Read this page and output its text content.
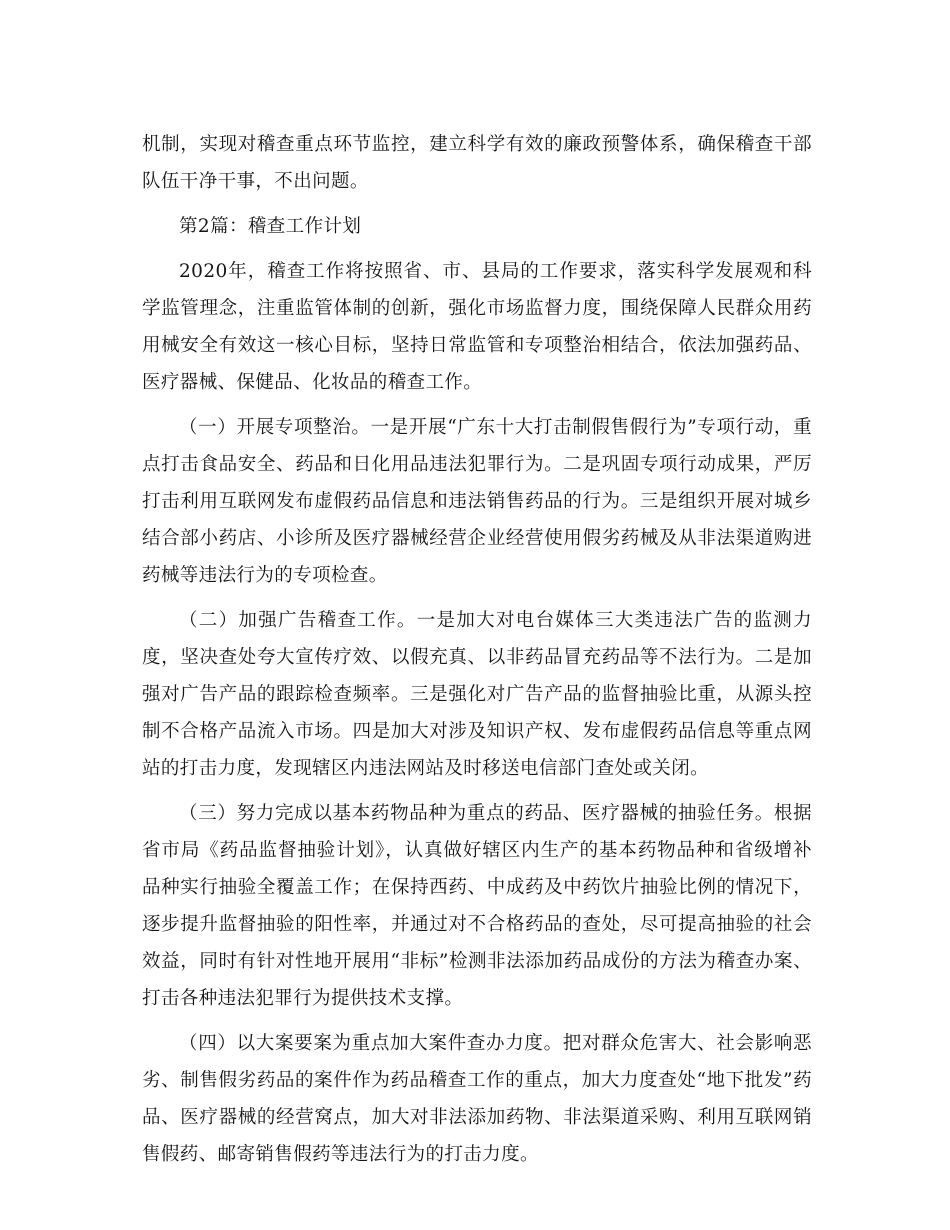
机制，实现对稽查重点环节监控，建立科学有效的廉政预警体系，确保稽查干部队伍干净干事，不出问题。

第2篇：稽查工作计划

2020年，稽查工作将按照省、市、县局的工作要求，落实科学发展观和科学监管理念，注重监管体制的创新，强化市场监督力度，围绕保障人民群众用药用械安全有效这一核心目标，坚持日常监管和专项整治相结合，依法加强药品、医疗器械、保健品、化妆品的稽查工作。

（一）开展专项整治。一是开展“广东十大打击制假售假行为”专项行动，重点打击食品安全、药品和日化用品违法犯罪行为。二是巩固专项行动成果，严厉打击利用互联网发布虚假药品信息和违法销售药品的行为。三是组织开展对城乡结合部小药店、小诊所及医疗器械经营企业经营使用假劣药械及从非法渠道购进药械等违法行为的专项检查。

（二）加强广告稽查工作。一是加大对电台媒体三大类违法广告的监测力度，坚决查处夸大宣传疗效、以假充真、以非药品冒充药品等不法行为。二是加强对广告产品的跟踪检查频率。三是强化对广告产品的监督抽验比重，从源头控制不合格产品流入市场。四是加大对涉及知识产权、发布虚假药品信息等重点网站的打击力度，发现辖区内违法网站及时移送电信部门查处或关闭。

（三）努力完成以基本药物品种为重点的药品、医疗器械的抽验任务。根据省市局《药品监督抽验计划》，认真做好辖区内生产的基本药物品种和省级增补品种实行抽验全覆盖工作；在保持西药、中成药及中药饮片抽验比例的情况下，逐步提升监督抽验的阳性率，并通过对不合格药品的查处，尽可提高抽验的社会效益，同时有针对性地开展用“非标”检测非法添加药品成份的方法为稽查办案、打击各种违法犯罪行为提供技术支撑。

（四）以大案要案为重点加大案件查办力度。把对群众危害大、社会影响恶劣、制售假劣药品的案件作为药品稽查工作的重点，加大力度查处“地下批发”药品、医疗器械的经营窝点，加大对非法添加药物、非法渠道采购、利用互联网销售假药、邮寄销售假药等违法行为的打击力度。
